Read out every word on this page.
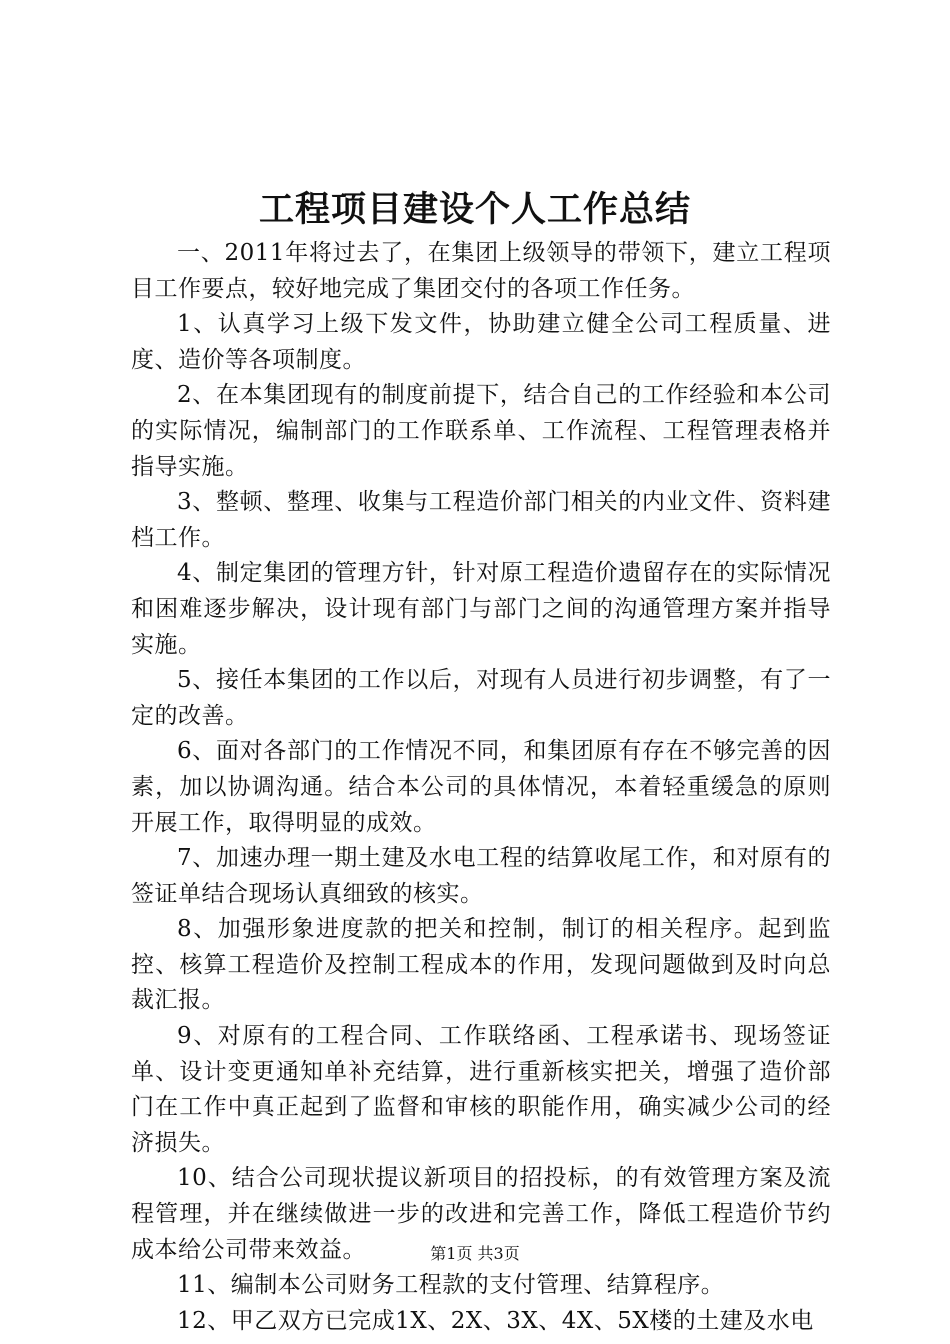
工程项目建设个人工作总结

一、2011年将过去了，在集团上级领导的带领下，建立工程项目工作要点，较好地完成了集团交付的各项工作任务。

1、认真学习上级下发文件，协助建立健全公司工程质量、进度、造价等各项制度。

2、在本集团现有的制度前提下，结合自己的工作经验和本公司的实际情况，编制部门的工作联系单、工作流程、工程管理表格并指导实施。

3、整顿、整理、收集与工程造价部门相关的内业文件、资料建档工作。

4、制定集团的管理方针，针对原工程造价遗留存在的实际情况和困难逐步解决，设计现有部门与部门之间的沟通管理方案并指导实施。

5、接任本集团的工作以后，对现有人员进行初步调整，有了一定的改善。

6、面对各部门的工作情况不同，和集团原有存在不够完善的因素，加以协调沟通。结合本公司的具体情况，本着轻重缓急的原则开展工作，取得明显的成效。

7、加速办理一期土建及水电工程的结算收尾工作，和对原有的签证单结合现场认真细致的核实。

8、加强形象进度款的把关和控制，制订的相关程序。起到监控、核算工程造价及控制工程成本的作用，发现问题做到及时向总裁汇报。

9、对原有的工程合同、工作联络函、工程承诺书、现场签证单、设计变更通知单补充结算，进行重新核实把关，增强了造价部门在工作中真正起到了监督和审核的职能作用，确实减少公司的经济损失。

10、结合公司现状提议新项目的招投标，的有效管理方案及流程管理，并在继续做进一步的改进和完善工作，降低工程造价节约成本给公司带来效益。

11、编制本公司财务工程款的支付管理、结算程序。

12、甲乙双方已完成1X、2X、3X、4X、5X楼的土建及水电

第1页 共3页
